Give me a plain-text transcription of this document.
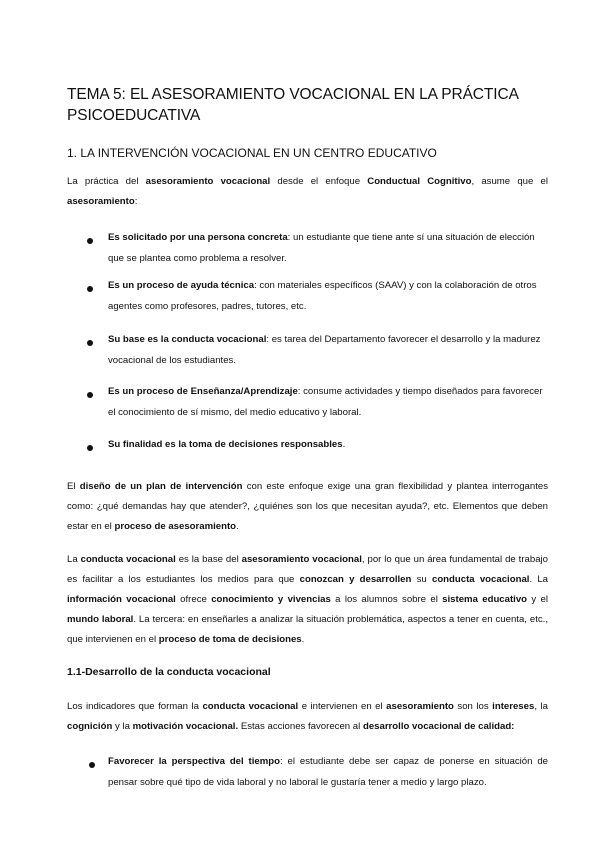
TEMA 5: EL ASESORAMIENTO VOCACIONAL EN LA PRÁCTICA PSICOEDUCATIVA
1. LA INTERVENCIÓN VOCACIONAL EN UN CENTRO EDUCATIVO
La práctica del asesoramiento vocacional desde el enfoque Conductual Cognitivo, asume que el asesoramiento:
Es solicitado por una persona concreta: un estudiante que tiene ante sí una situación de elección que se plantea como problema a resolver.
Es un proceso de ayuda técnica: con materiales específicos (SAAV) y con la colaboración de otros agentes como profesores, padres, tutores, etc.
Su base es la conducta vocacional: es tarea del Departamento favorecer el desarrollo y la madurez vocacional de los estudiantes.
Es un proceso de Enseñanza/Aprendizaje: consume actividades y tiempo diseñados para favorecer el conocimiento de sí mismo, del medio educativo y laboral.
Su finalidad es la toma de decisiones responsables.
El diseño de un plan de intervención con este enfoque exige una gran flexibilidad y plantea interrogantes como: ¿qué demandas hay que atender?, ¿quiénes son los que necesitan ayuda?, etc. Elementos que deben estar en el proceso de asesoramiento.
La conducta vocacional es la base del asesoramiento vocacional, por lo que un área fundamental de trabajo es facilitar a los estudiantes los medios para que conozcan y desarrollen su conducta vocacional. La información vocacional ofrece conocimiento y vivencias a los alumnos sobre el sistema educativo y el mundo laboral. La tercera: en enseñarles a analizar la situación problemática, aspectos a tener en cuenta, etc., que intervienen en el proceso de toma de decisiones.
1.1-Desarrollo de la conducta vocacional
Los indicadores que forman la conducta vocacional e intervienen en el asesoramiento son los intereses, la cognición y la motivación vocacional. Estas acciones favorecen al desarrollo vocacional de calidad:
Favorecer la perspectiva del tiempo: el estudiante debe ser capaz de ponerse en situación de pensar sobre qué tipo de vida laboral y no laboral le gustaría tener a medio y largo plazo.
